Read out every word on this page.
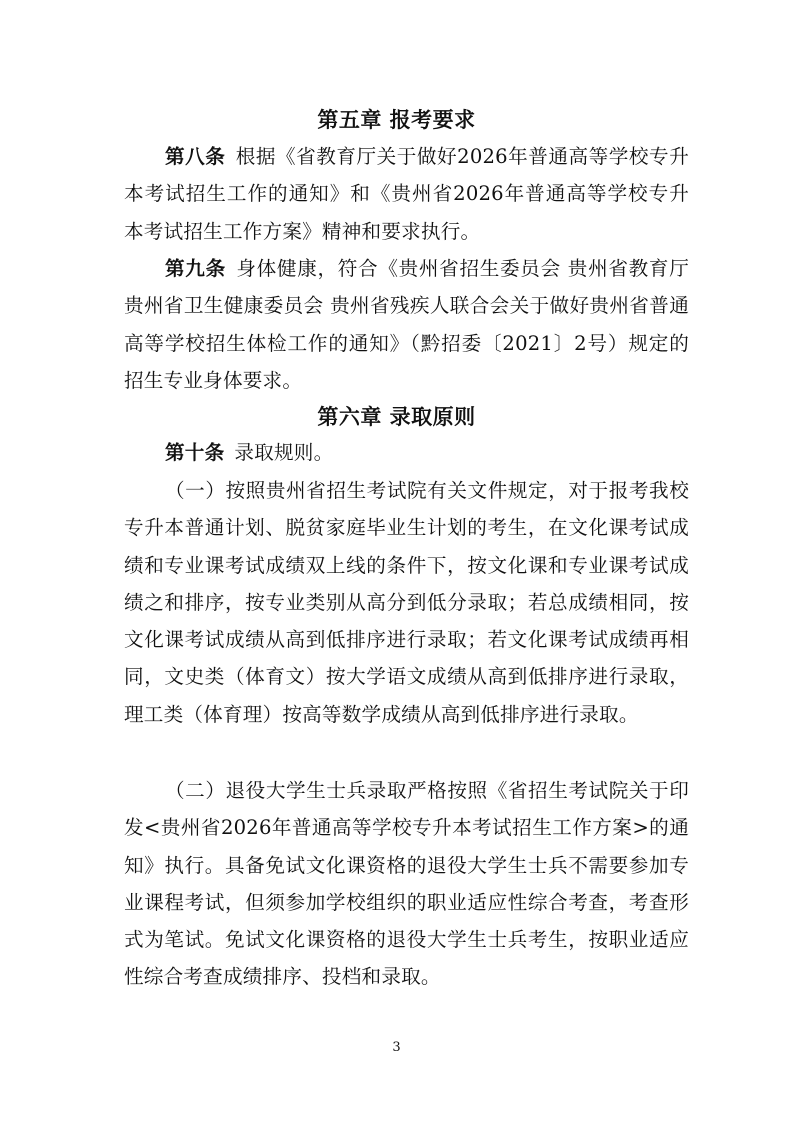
第五章 报考要求

第八条  根据《省教育厅关于做好2026年普通高等学校专升本考试招生工作的通知》和《贵州省2026年普通高等学校专升本考试招生工作方案》精神和要求执行。

第九条  身体健康，符合《贵州省招生委员会 贵州省教育厅 贵州省卫生健康委员会 贵州省残疾人联合会关于做好贵州省普通高等学校招生体检工作的通知》（黔招委〔2021〕2号）规定的招生专业身体要求。

第六章 录取原则

第十条  录取规则。

（一）按照贵州省招生考试院有关文件规定，对于报考我校专升本普通计划、脱贫家庭毕业生计划的考生，在文化课考试成绩和专业课考试成绩双上线的条件下，按文化课和专业课考试成绩之和排序，按专业类别从高分到低分录取；若总成绩相同，按文化课考试成绩从高到低排序进行录取；若文化课考试成绩再相同，文史类（体育文）按大学语文成绩从高到低排序进行录取，理工类（体育理）按高等数学成绩从高到低排序进行录取。

（二）退役大学生士兵录取严格按照《省招生考试院关于印发<贵州省2026年普通高等学校专升本考试招生工作方案>的通知》执行。具备免试文化课资格的退役大学生士兵不需要参加专业课程考试，但须参加学校组织的职业适应性综合考查，考查形式为笔试。免试文化课资格的退役大学生士兵考生，按职业适应性综合考查成绩排序、投档和录取。

3
